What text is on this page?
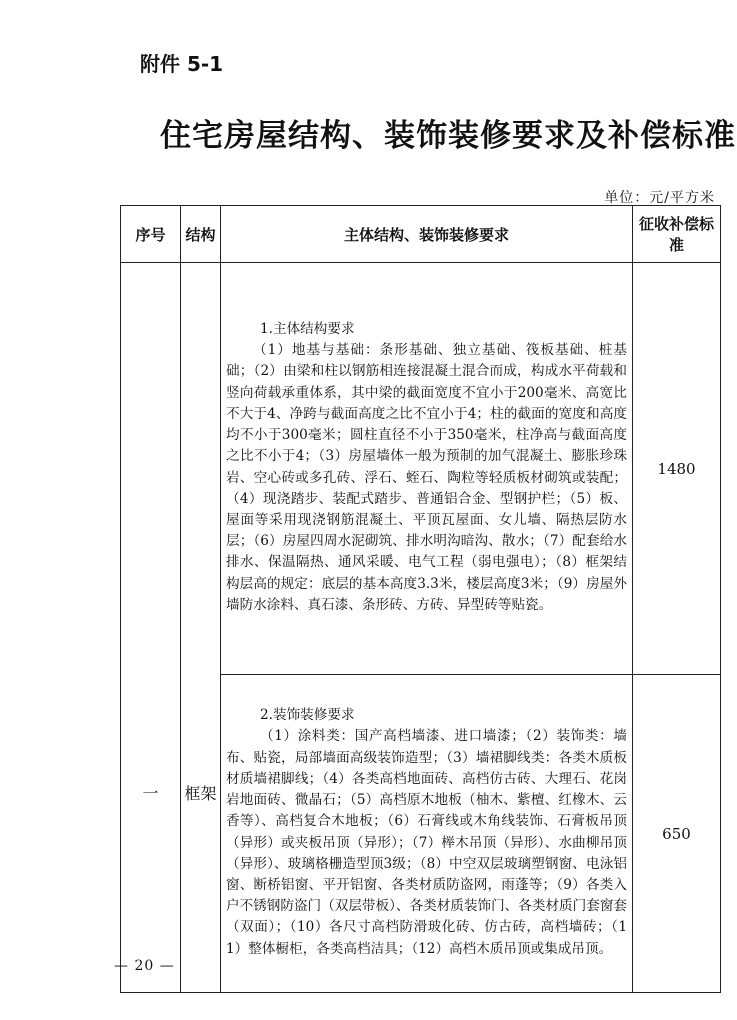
附件 5-1
住宅房屋结构、装饰装修要求及补偿标准
单位：元/平方米
序号	结构	主体结构、装饰装修要求	征收补偿标准
一	框架	1.主体结构要求
（1）地基与基础：条形基础、独立基础、筏板基础、桩基础；（2）由梁和柱以钢筋相连接混凝土混合而成，构成水平荷载和竖向荷载承重体系，其中梁的截面宽度不宜小于200毫米、高宽比不大于4、净跨与截面高度之比不宜小于4；柱的截面的宽度和高度均不小于300毫米；圆柱直径不小于350毫米，柱净高与截面高度之比不小于4；（3）房屋墙体一般为预制的加气混凝土、膨胀珍珠岩、空心砖或多孔砖、浮石、蛭石、陶粒等轻质板材砌筑或装配；（4）现浇踏步、装配式踏步、普通铝合金、型钢护栏；（5）板、屋面等采用现浇钢筋混凝土、平顶瓦屋面、女儿墙、隔热层防水层；（6）房屋四周水泥砌筑、排水明沟暗沟、散水；（7）配套给水排水、保温隔热、通风采暖、电气工程（弱电强电）；（8）框架结构层高的规定：底层的基本高度3.3米，楼层高度3米；（9）房屋外墙防水涂料、真石漆、条形砖、方砖、异型砖等贴瓷。	1480

		2.装饰装修要求
（1）涂料类：国产高档墙漆、进口墙漆；（2）装饰类：墙布、贴瓷，局部墙面高级装饰造型；（3）墙裙脚线类：各类木质板材质墙裙脚线；（4）各类高档地面砖、高档仿古砖、大理石、花岗岩地面砖、微晶石；（5）高档原木地板（柚木、紫檀、红橡木、云香等）、高档复合木地板；（6）石膏线或木角线装饰、石膏板吊顶（异形）或夹板吊顶（异形）；（7）榉木吊顶（异形）、水曲柳吊顶（异形）、玻璃格栅造型顶3级；（8）中空双层玻璃塑钢窗、电泳铝窗、断桥铝窗、平开铝窗、各类材质防盗网，雨蓬等；（9）各类入户不锈钢防盗门（双层带板）、各类材质装饰门、各类材质门套窗套（双面）；（10）各尺寸高档防滑玻化砖、仿古砖，高档墙砖；（11）整体橱柜，各类高档洁具；（12）高档木质吊顶或集成吊顶。	650
— 20 —
